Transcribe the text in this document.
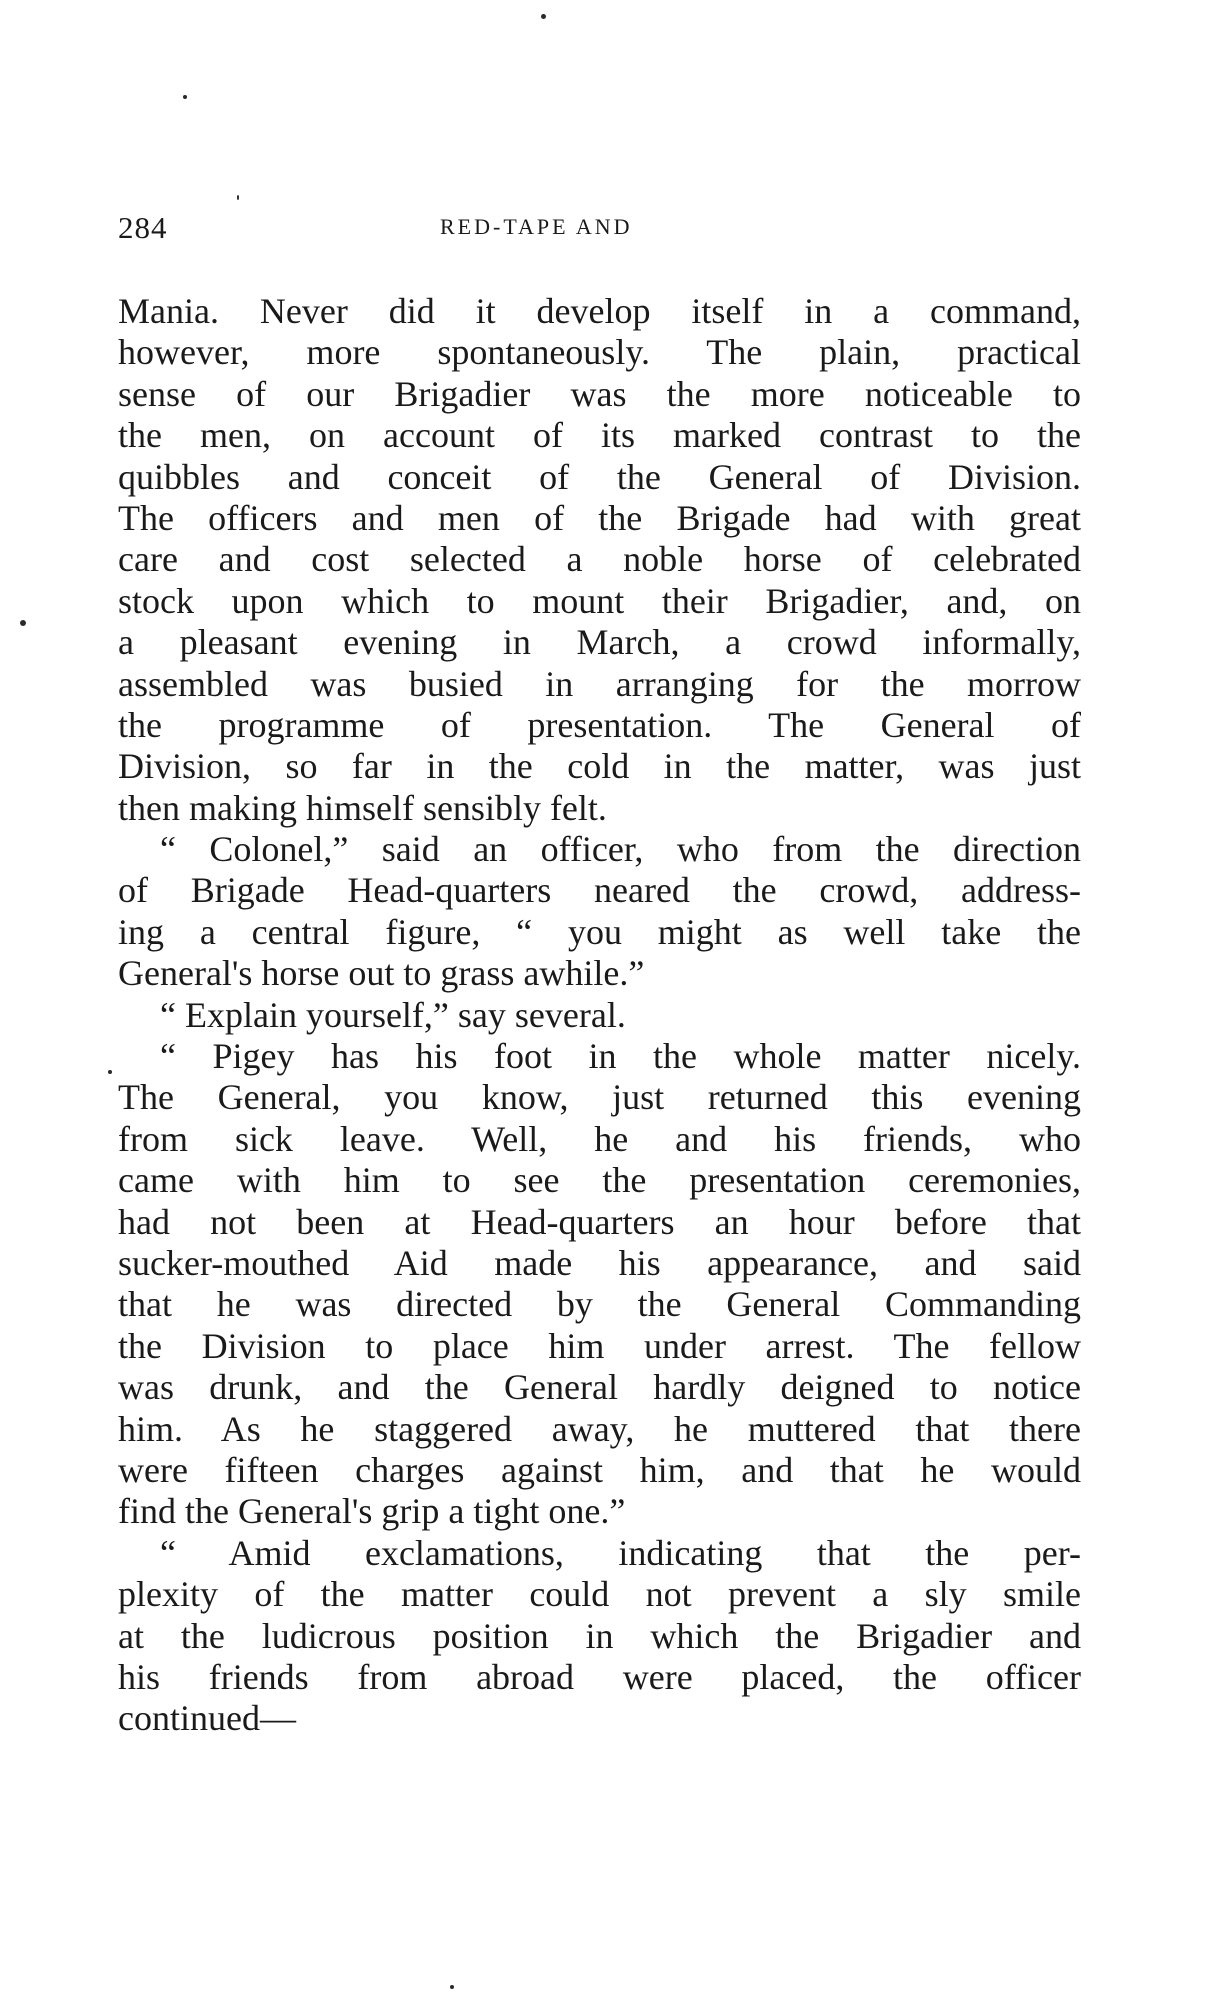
284	RED-TAPE AND
Mania. Never did it develop itself in a command,
however, more spontaneously. The plain, practical
sense of our Brigadier was the more noticeable to
the men, on account of its marked contrast to the
quibbles and conceit of the General of Division.
The officers and men of the Brigade had with great
care and cost selected a noble horse of celebrated
stock upon which to mount their Brigadier, and, on
a pleasant evening in March, a crowd informally,
assembled was busied in arranging for the morrow
the programme of presentation. The General of
Division, so far in the cold in the matter, was just
then making himself sensibly felt.
“ Colonel,” said an officer, who from the direction
of Brigade Head-quarters neared the crowd, address-
ing a central figure, “ you might as well take the
General's horse out to grass awhile.”
“ Explain yourself,” say several.
“ Pigey has his foot in the whole matter nicely.
The General, you know, just returned this evening
from sick leave. Well, he and his friends, who
came with him to see the presentation ceremonies,
had not been at Head-quarters an hour before that
sucker-mouthed Aid made his appearance, and said
that he was directed by the General Commanding
the Division to place him under arrest. The fellow
was drunk, and the General hardly deigned to notice
him. As he staggered away, he muttered that there
were fifteen charges against him, and that he would
find the General's grip a tight one.”
“ Amid exclamations, indicating that the per-
plexity of the matter could not prevent a sly smile
at the ludicrous position in which the Brigadier and
his friends from abroad were placed, the officer
continued—
